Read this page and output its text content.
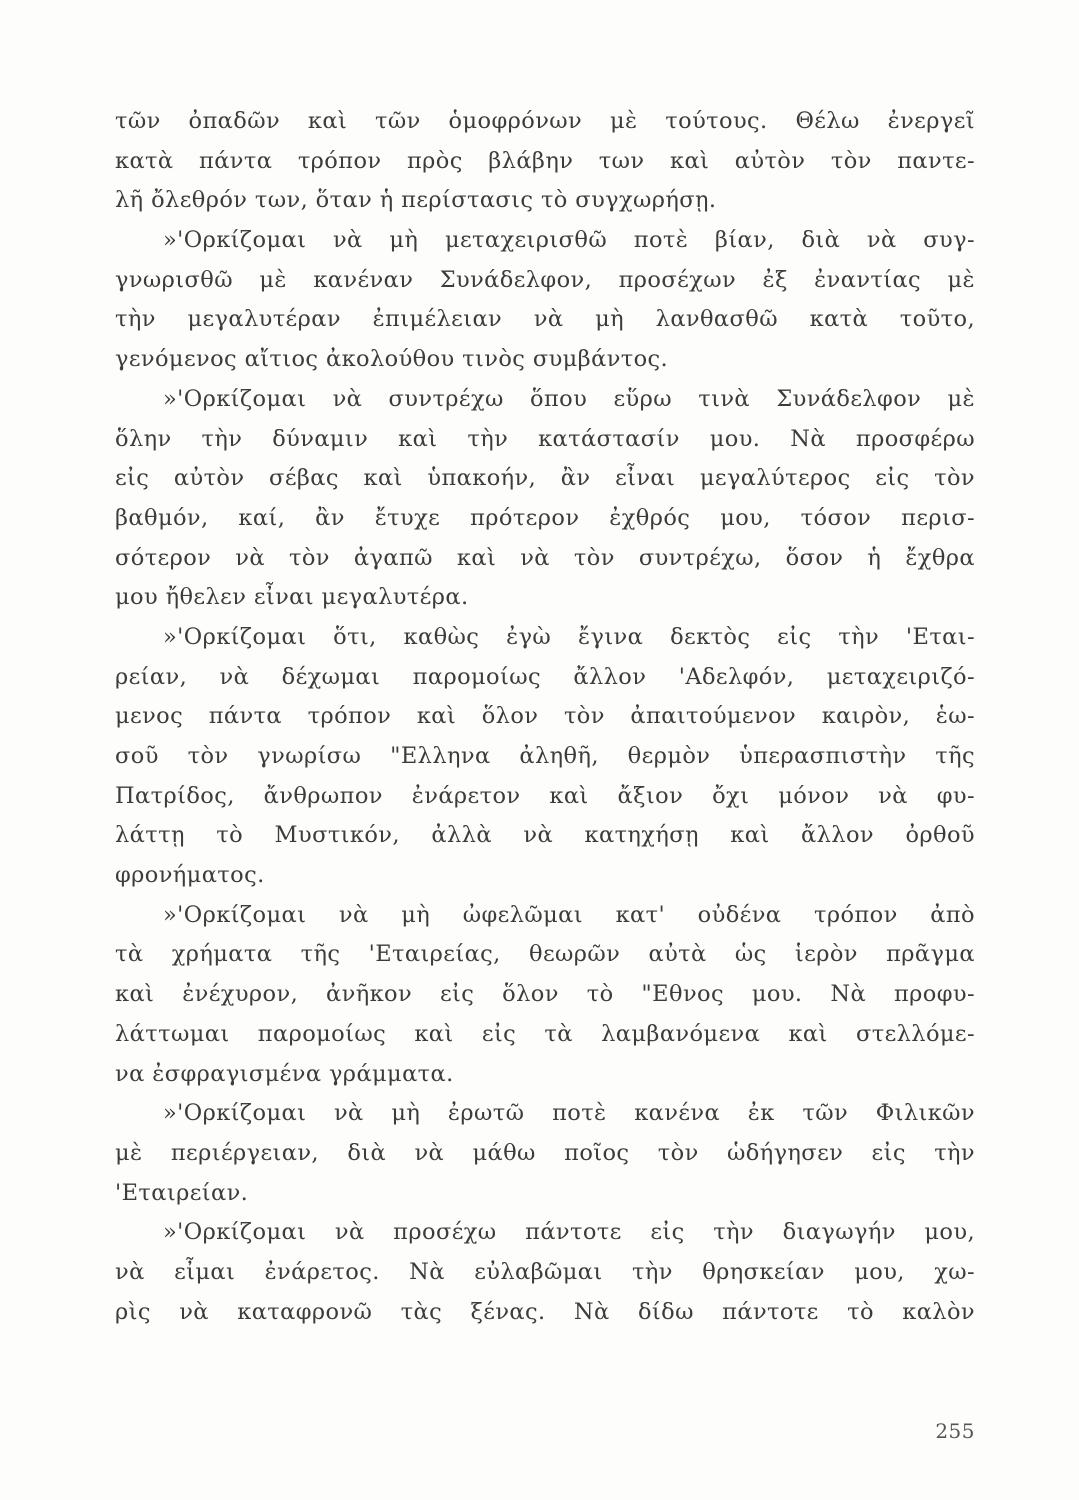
τῶν ὀπαδῶν καὶ τῶν ὁμοφρόνων μὲ τούτους. Θέλω ἐνεργεῖ
κατὰ πάντα τρόπον πρὸς βλάβην των καὶ αὐτὸν τὸν παντε-
λῆ ὄλεθρόν των, ὅταν ἡ περίστασις τὸ συγχωρήσῃ.
»'Ορκίζομαι νὰ μὴ μεταχειρισθῶ ποτὲ βίαν, διὰ νὰ συγ-
γνωρισθῶ μὲ κανέναν Συνάδελφον, προσέχων ἐξ ἐναντίας μὲ
τὴν μεγαλυτέραν ἐπιμέλειαν νὰ μὴ λανθασθῶ κατὰ τοῦτο,
γενόμενος αἴτιος ἀκολούθου τινὸς συμβάντος.
»'Ορκίζομαι νὰ συντρέχω ὅπου εὕρω τινὰ Συνάδελφον μὲ
ὅλην τὴν δύναμιν καὶ τὴν κατάστασίν μου. Νὰ προσφέρω
εἰς αὐτὸν σέβας καὶ ὑπακοήν, ἂν εἶναι μεγαλύτερος εἰς τὸν
βαθμόν, καί, ἂν ἔτυχε πρότερον ἐχθρός μου, τόσον περισ-
σότερον νὰ τὸν ἀγαπῶ καὶ νὰ τὸν συντρέχω, ὅσον ἡ ἔχθρα
μου ἤθελεν εἶναι μεγαλυτέρα.
»'Ορκίζομαι ὅτι, καθὼς ἐγὼ ἔγινα δεκτὸς εἰς τὴν 'Εται-
ρείαν, νὰ δέχωμαι παρομοίως ἄλλον 'Αδελφόν, μεταχειριζό-
μενος πάντα τρόπον καὶ ὅλον τὸν ἀπαιτούμενον καιρὸν, ἑω-
σοῦ τὸν γνωρίσω "Ελληνα ἀληθῆ, θερμὸν ὑπερασπιστὴν τῆς
Πατρίδος, ἄνθρωπον ἐνάρετον καὶ ἄξιον ὄχι μόνον νὰ φυ-
λάττῃ τὸ Μυστικόν, ἀλλὰ νὰ κατηχήσῃ καὶ ἄλλον ὀρθοῦ
φρονήματος.
»'Ορκίζομαι νὰ μὴ ὠφελῶμαι κατ' οὐδένα τρόπον ἀπὸ
τὰ χρήματα τῆς 'Εταιρείας, θεωρῶν αὐτὰ ὡς ἱερὸν πρᾶγμα
καὶ ἐνέχυρον, ἀνῆκον εἰς ὅλον τὸ "Εθνος μου. Νὰ προφυ-
λάττωμαι παρομοίως καὶ εἰς τὰ λαμβανόμενα καὶ στελλόμε-
να ἐσφραγισμένα γράμματα.
»'Ορκίζομαι νὰ μὴ ἐρωτῶ ποτὲ κανένα ἐκ τῶν Φιλικῶν
μὲ περιέργειαν, διὰ νὰ μάθω ποῖος τὸν ὡδήγησεν εἰς τὴν
'Εταιρείαν.
»'Ορκίζομαι νὰ προσέχω πάντοτε εἰς τὴν διαγωγήν μου,
νὰ εἶμαι ἐνάρετος. Νὰ εὐλαβῶμαι τὴν θρησκείαν μου, χω-
ρὶς νὰ καταφρονῶ τὰς ξένας. Νὰ δίδω πάντοτε τὸ καλὸν
255
